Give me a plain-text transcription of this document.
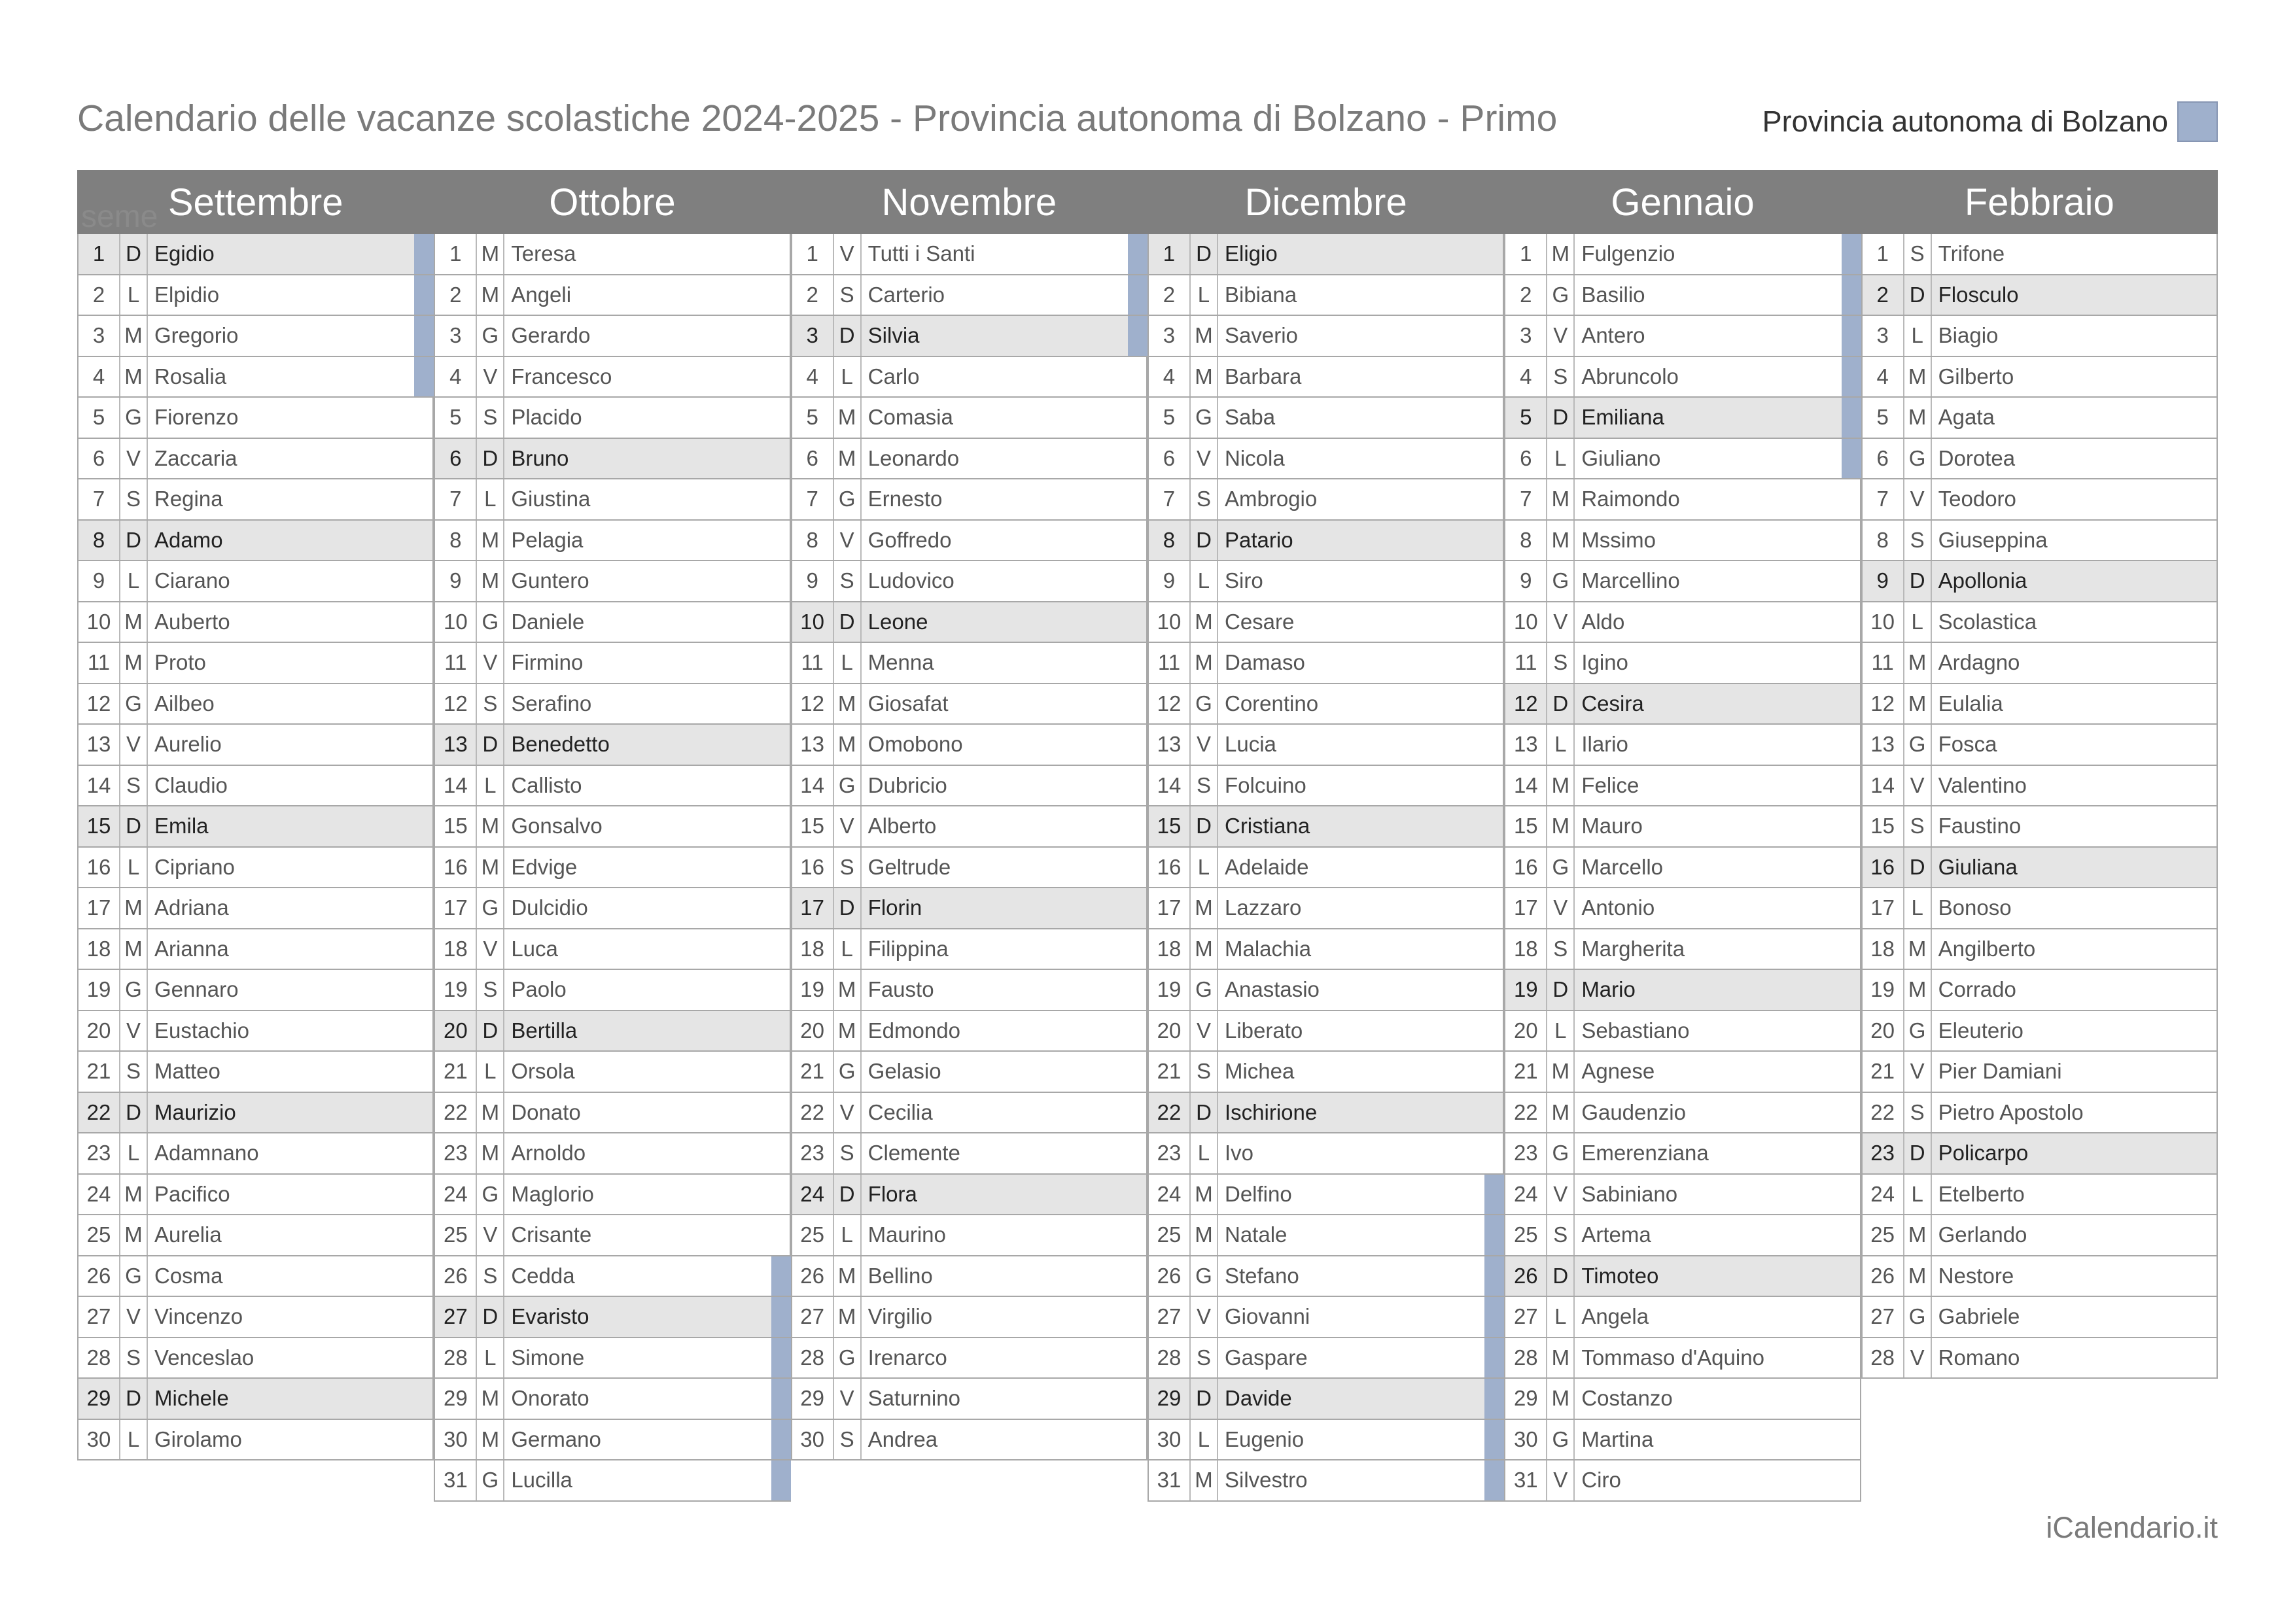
Calendario delle vacanze scolastiche 2024-2025 - Provincia autonoma di Bolzano - Primo	Provincia autonoma di Bolzano
seme Settembre
1 D Egidio
2	L Elpidio
3 M Gregorio
4 M Rosalia
5 G Fiorenzo
6 V Zaccaria
7 S Regina
8 D Adamo
9	L Ciarano
10 M Auberto
11 M Proto
12 G Ailbeo
13 V Aurelio
14 S Claudio
15 D Emila
16 L Cipriano
17 M Adriana
18 M Arianna
19 G Gennaro
20 V Eustachio
21 S Matteo
22 D Maurizio
23 L Adamnano
24 M Pacifico
25 M Aurelia
26 G Cosma
27 V Vincenzo
28 S Venceslao
29 D Michele
30 L Girolamo
Ottobre
1 M Teresa
2 M Angeli
3 G Gerardo
4 V Francesco
5 S Placido
6 D Bruno
7	L Giustina
8 M Pelagia
9 M Guntero
10 G Daniele
11 V Firmino
12 S Serafino
13 D Benedetto
14 L Callisto
15 M Gonsalvo
16 M Edvige
17 G Dulcidio
18 V Luca
19 S Paolo
20 D Bertilla
21 L Orsola
22 M Donato
23 M Arnoldo
24 G Maglorio
25 V Crisante
26 S Cedda
27 D Evaristo
28 L Simone
29 M Onorato
30 M Germano
31 G Lucilla
Novembre
1 V Tutti i Santi
2 S Carterio
3 D Silvia
4	L Carlo
5 M Comasia
6 M Leonardo
7 G Ernesto
8 V Goffredo
9 S Ludovico
10 D Leone
11 L Menna
12 M Giosafat
13 M Omobono
14 G Dubricio
15 V Alberto
16 S Geltrude
17 D Florin
18 L Filippina
19 M Fausto
20 M Edmondo
21 G Gelasio
22 V Cecilia
23 S Clemente
24 D Flora
25 L Maurino
26 M Bellino
27 M Virgilio
28 G Irenarco
29 V Saturnino
30 S Andrea
Dicembre
1 D Eligio
2	L Bibiana
3 M Saverio
4 M Barbara
5 G Saba
6 V Nicola
7 S Ambrogio
8 D Patario
9	L Siro
10 M Cesare
11 M Damaso
12 G Corentino
13 V Lucia
14 S Folcuino
15 D Cristiana
16 L Adelaide
17 M Lazzaro
18 M Malachia
19 G Anastasio
20 V Liberato
21 S Michea
22 D Ischirione
23 L Ivo
24 M Delfino
25 M Natale
26 G Stefano
27 V Giovanni
28 S Gaspare
29 D Davide
30 L Eugenio
31 M Silvestro
Gennaio
1 M Fulgenzio
2 G Basilio
3 V Antero
4 S Abruncolo
5 D Emiliana
6	L Giuliano
7 M Raimondo
8 M Mssimo
9 G Marcellino
10 V Aldo
11 S Igino
12 D Cesira
13 L Ilario
14 M Felice
15 M Mauro
16 G Marcello
17 V Antonio
18 S Margherita
19 D Mario
20 L Sebastiano
21 M Agnese
22 M Gaudenzio
23 G Emerenziana
24 V Sabiniano
25 S Artema
26 D Timoteo
27 L Angela
28 M Tommaso d'Aquino
29 M Costanzo
30 G Martina
31 V Ciro
Febbraio
1 S Trifone
2 D Flosculo
3	L Biagio
4 M Gilberto
5 M Agata
6 G Dorotea
7 V Teodoro
8 S Giuseppina
9 D Apollonia
10 L Scolastica
11 M Ardagno
12 M Eulalia
13 G Fosca
14 V Valentino
15 S Faustino
16 D Giuliana
17 L Bonoso
18 M Angilberto
19 M Corrado
20 G Eleuterio
21 V Pier Damiani
22 S Pietro Apostolo
23 D Policarpo
24 L Etelberto
25 M Gerlando
26 M Nestore
27 G Gabriele
28 V Romano
iCalendario.it
